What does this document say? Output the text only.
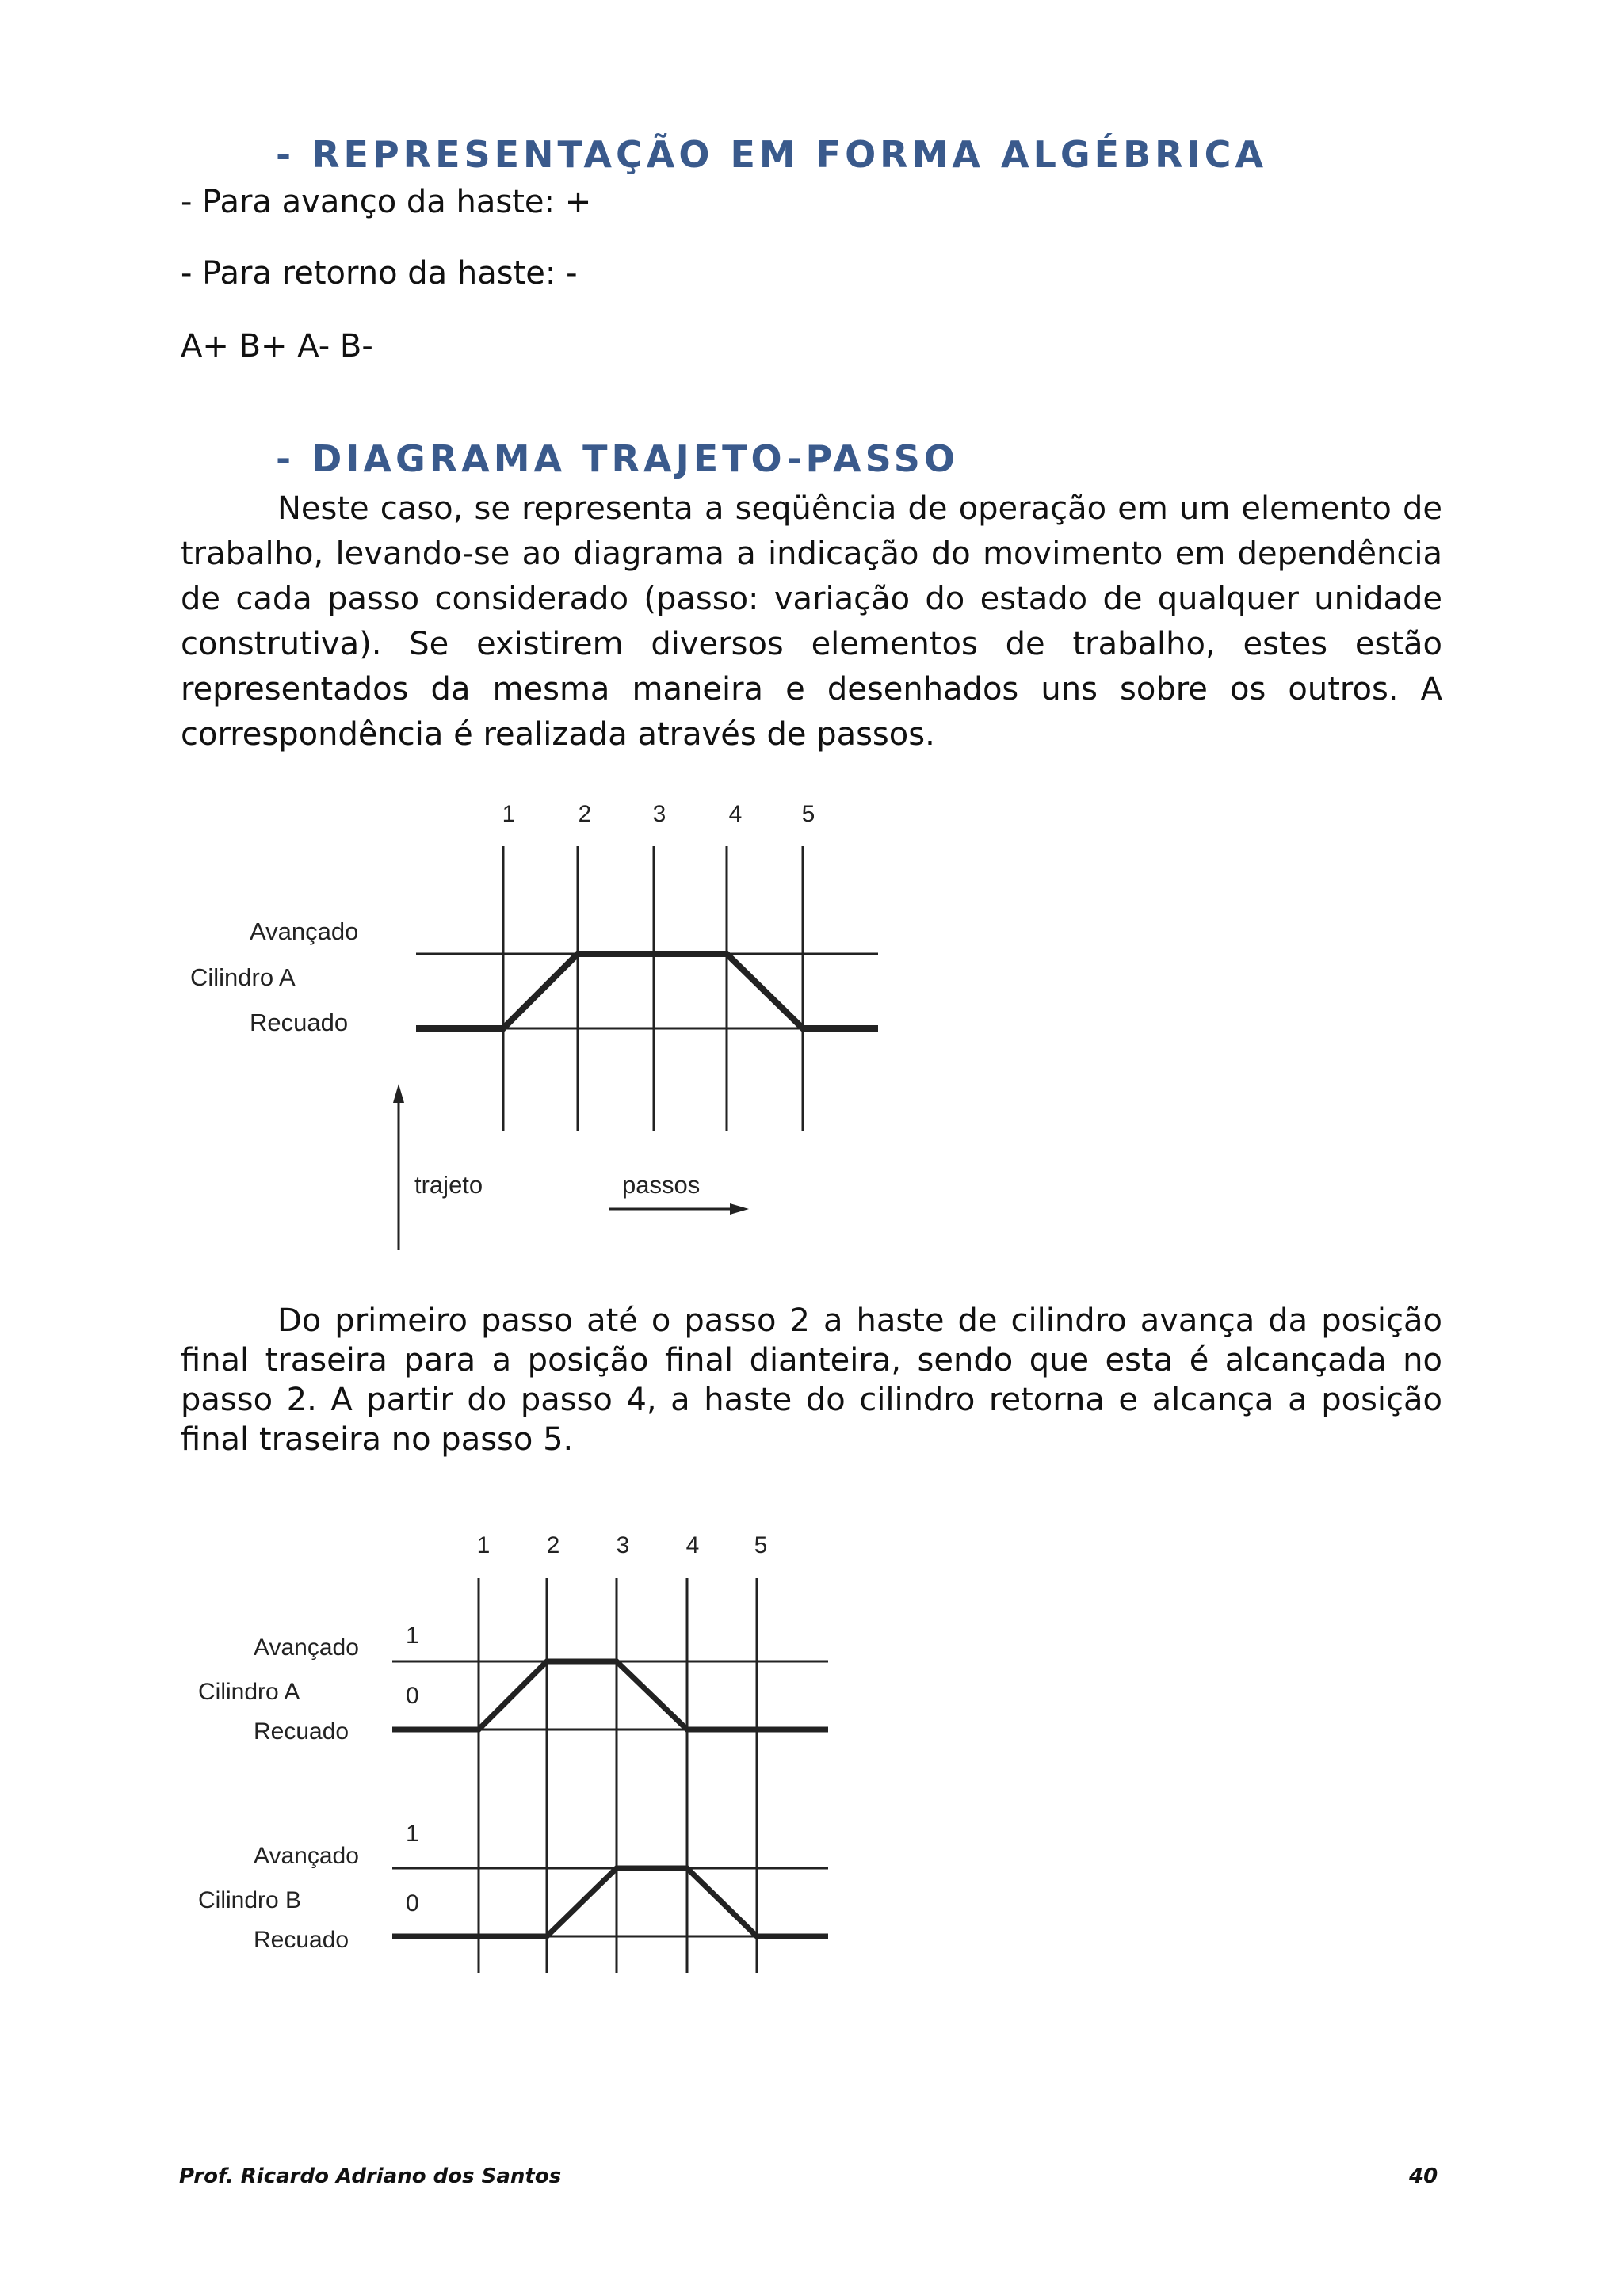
- REPRESENTAÇÃO EM FORMA ALGÉBRICA
- Para avanço da haste: +
- Para retorno da haste: -
A+ B+ A- B-
- DIAGRAMA TRAJETO-PASSO
Neste caso, se representa a seqüência de operação em um elemento de trabalho, levando-se ao diagrama a indicação do movimento em dependência de cada passo considerado (passo: variação do estado de qualquer unidade construtiva). Se existirem diversos elementos de trabalho, estes estão representados da mesma maneira e desenhados uns sobre os outros. A correspondência é realizada através de passos.
1	2	3	4	5
Avançado
Cilindro A
Recuado
trajeto	passos
Do primeiro passo até o passo 2 a haste de cilindro avança da posição final traseira para a posição final dianteira, sendo que esta é alcançada no passo 2. A partir do passo 4, a haste do cilindro retorna e alcança a posição final traseira no passo 5.
1 2 3 4 5
Avançado
Cilindro A
Recuado
1
0
Avançado
Cilindro B
Recuado
1
0
Prof. Ricardo Adriano dos Santos	40
